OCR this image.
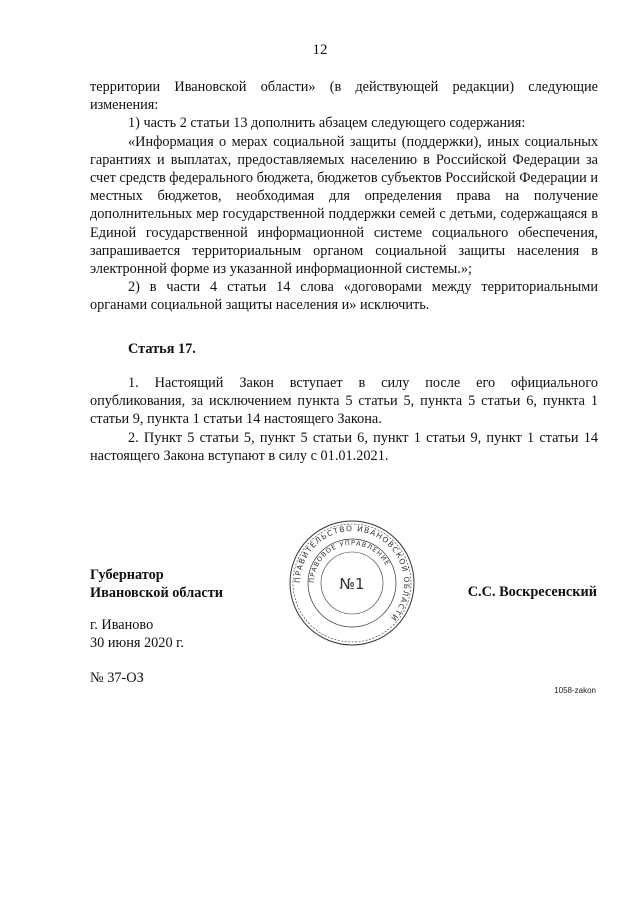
12

территории Ивановской области» (в действующей редакции) следующие изменения:

1) часть 2 статьи 13 дополнить абзацем следующего содержания:

«Информация о мерах социальной защиты (поддержки), иных социальных гарантиях и выплатах, предоставляемых населению в Российской Федерации за счет средств федерального бюджета, бюджетов субъектов Российской Федерации и местных бюджетов, необходимая для определения права на получение дополнительных мер государственной поддержки семей с детьми, содержащаяся в Единой государственной информационной системе социального обеспечения, запрашивается территориальным органом социальной защиты населения в электронной форме из указанной информационной системы.»;

2) в части 4 статьи 14 слова «договорами между территориальными органами социальной защиты населения и» исключить.

Статья 17.

1. Настоящий Закон вступает в силу после его официального опубликования, за исключением пункта 5 статьи 5, пункта 5 статьи 6, пункта 1 статьи 9, пункта 1 статьи 14 настоящего Закона.

2. Пункт 5 статьи 5, пункт 5 статьи 6, пункт 1 статьи 9, пункт 1 статьи 14 настоящего Закона вступают в силу с 01.01.2021.

Губернатор
Ивановской области	С.С. Воскресенский
ПРАВИТЕЛЬСТВО ИВАНОВСКОЙ ОБЛАСТИ
ПРАВОВОЕ УПРАВЛЕНИЕ
№1
г. Иваново
30 июня 2020 г.
№ 37-ОЗ
1058-zakon
